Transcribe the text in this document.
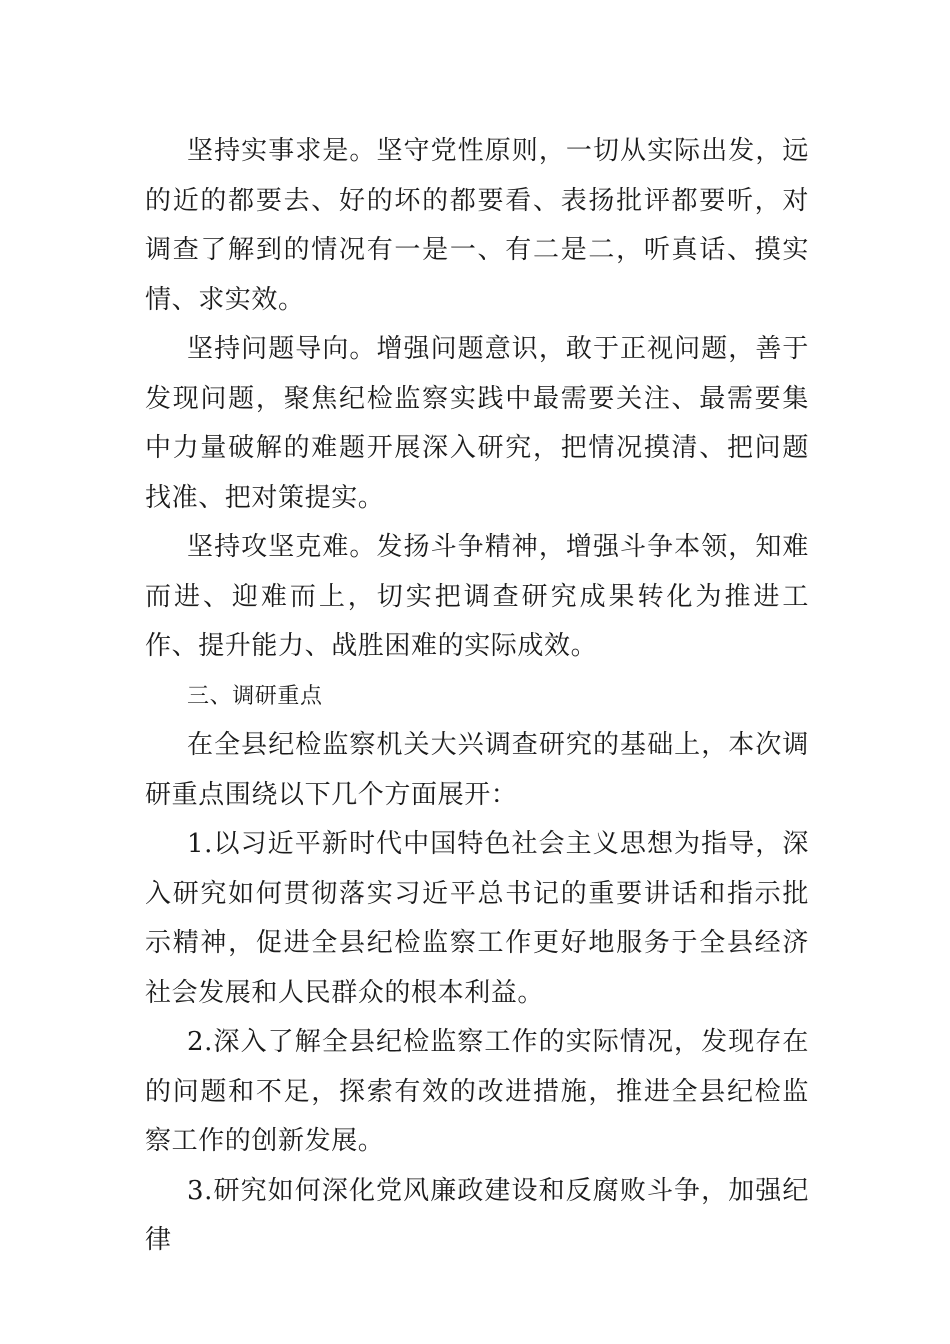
坚持实事求是。坚守党性原则，一切从实际出发，远的近的都要去、好的坏的都要看、表扬批评都要听，对调查了解到的情况有一是一、有二是二，听真话、摸实情、求实效。

坚持问题导向。增强问题意识，敢于正视问题，善于发现问题，聚焦纪检监察实践中最需要关注、最需要集中力量破解的难题开展深入研究，把情况摸清、把问题找准、把对策提实。

坚持攻坚克难。发扬斗争精神，增强斗争本领，知难而进、迎难而上，切实把调查研究成果转化为推进工作、提升能力、战胜困难的实际成效。

三、调研重点

在全县纪检监察机关大兴调查研究的基础上，本次调研重点围绕以下几个方面展开：

1.以习近平新时代中国特色社会主义思想为指导，深入研究如何贯彻落实习近平总书记的重要讲话和指示批示精神，促进全县纪检监察工作更好地服务于全县经济社会发展和人民群众的根本利益。

2.深入了解全县纪检监察工作的实际情况，发现存在的问题和不足，探索有效的改进措施，推进全县纪检监察工作的创新发展。

3.研究如何深化党风廉政建设和反腐败斗争，加强纪律
